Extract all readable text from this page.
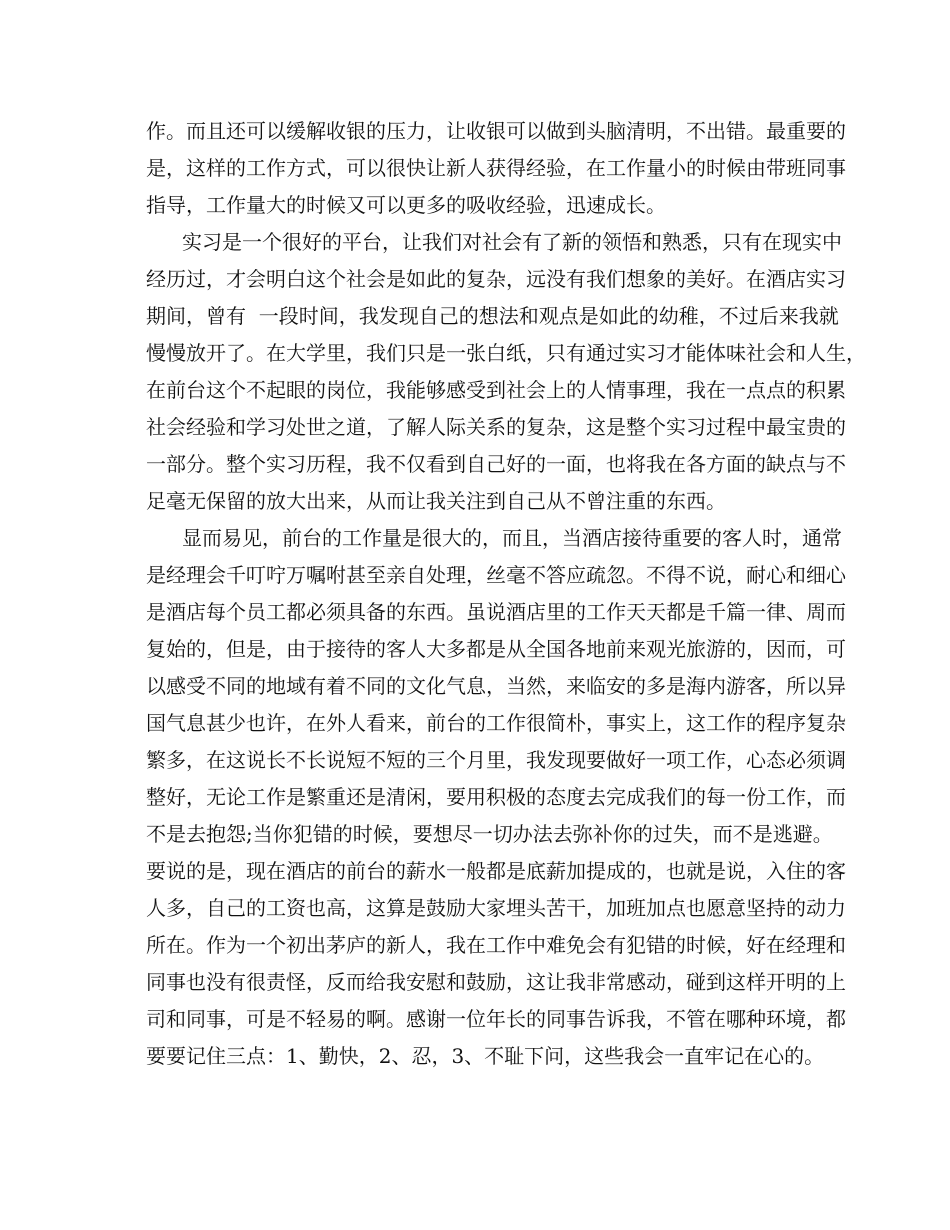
作。而且还可以缓解收银的压力，让收银可以做到头脑清明，不出错。最重要的
是，这样的工作方式，可以很快让新人获得经验，在工作量小的时候由带班同事
指导，工作量大的时候又可以更多的吸收经验，迅速成长。
实习是一个很好的平台，让我们对社会有了新的领悟和熟悉，只有在现实中
经历过，才会明白这个社会是如此的复杂，远没有我们想象的美好。在酒店实习
期间，曾有  一段时间，我发现自己的想法和观点是如此的幼稚，不过后来我就
慢慢放开了。在大学里，我们只是一张白纸，只有通过实习才能体味社会和人生，
在前台这个不起眼的岗位，我能够感受到社会上的人情事理，我在一点点的积累
社会经验和学习处世之道，了解人际关系的复杂，这是整个实习过程中最宝贵的
一部分。整个实习历程，我不仅看到自己好的一面，也将我在各方面的缺点与不
足毫无保留的放大出来，从而让我关注到自己从不曾注重的东西。
显而易见，前台的工作量是很大的，而且，当酒店接待重要的客人时，通常
是经理会千叮咛万嘱咐甚至亲自处理，丝毫不答应疏忽。不得不说，耐心和细心
是酒店每个员工都必须具备的东西。虽说酒店里的工作天天都是千篇一律、周而
复始的，但是，由于接待的客人大多都是从全国各地前来观光旅游的，因而，可
以感受不同的地域有着不同的文化气息，当然，来临安的多是海内游客，所以异
国气息甚少也许，在外人看来，前台的工作很简朴，事实上，这工作的程序复杂
繁多，在这说长不长说短不短的三个月里，我发现要做好一项工作，心态必须调
整好，无论工作是繁重还是清闲，要用积极的态度去完成我们的每一份工作，而
不是去抱怨;当你犯错的时候，要想尽一切办法去弥补你的过失，而不是逃避。
要说的是，现在酒店的前台的薪水一般都是底薪加提成的，也就是说，入住的客
人多，自己的工资也高，这算是鼓励大家埋头苦干，加班加点也愿意坚持的动力
所在。作为一个初出茅庐的新人，我在工作中难免会有犯错的时候，好在经理和
同事也没有很责怪，反而给我安慰和鼓励，这让我非常感动，碰到这样开明的上
司和同事，可是不轻易的啊。感谢一位年长的同事告诉我，不管在哪种环境，都
要要记住三点：1、勤快，2、忍，3、不耻下问，这些我会一直牢记在心的。
